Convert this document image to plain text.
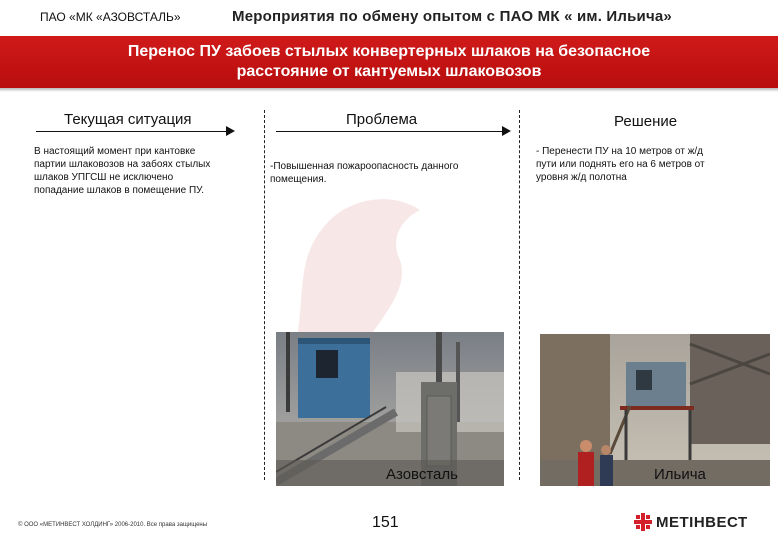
ПАО «МК «АЗОВСТАЛЬ»	Мероприятия по обмену опытом с ПАО МК « им. Ильича»
Перенос ПУ забоев стылых конвертерных шлаков на безопасное
расстояние от кантуемых шлаковозов
Текущая ситуация	Проблема	Решение
В настоящий момент при кантовке
партии шлаковозов на забоях стылых
шлаков УПГСШ не исключено
попадание шлаков в помещение ПУ.
-Повышенная пожароопасность данного
помещения.
- Перенести ПУ на 10 метров от ж/д
пути или поднять его на 6 метров от
уровня ж/д полотна
Азовсталь	Ильича
© ООО «МЕТИНВЕСТ ХОЛДИНГ» 2006-2010. Все права защищены	151	МЕТІНВЕСТ
